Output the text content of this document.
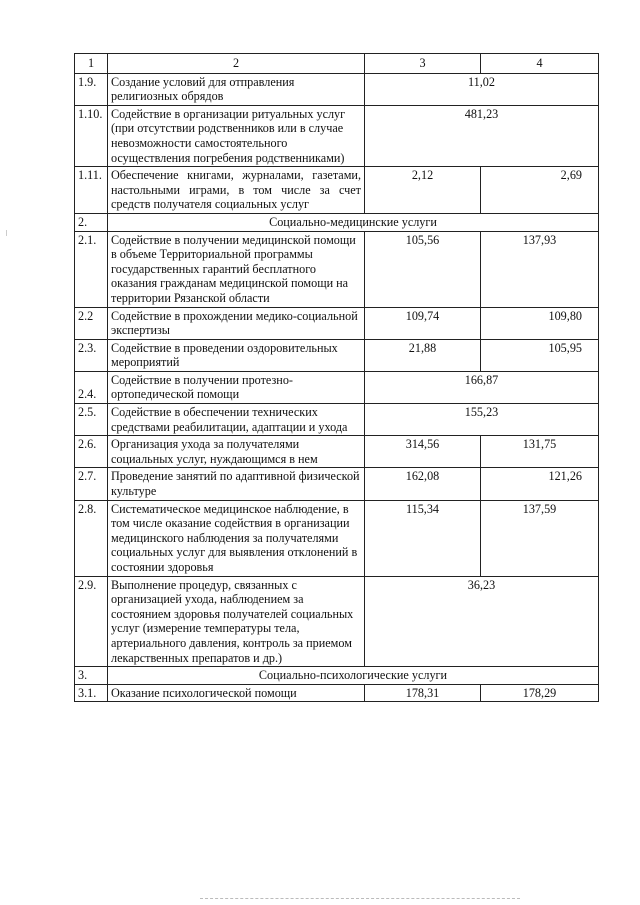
1	2	3	4
1.9.	Создание условий для отправления религиозных обрядов	11,02	
1.10.	Содействие в организации ритуальных услуг (при отсутствии родственников или в случае невозможности самостоятельного осуществления погребения родственниками)	481,23	
1.11.	Обеспечение книгами, журналами, газетами, настольными играми, в том числе за счет средств получателя социальных услуг	2,12	2,69
2.	Социально-медицинские услуги		
2.1.	Содействие в получении медицинской помощи в объеме Территориальной программы государственных гарантий бесплатного оказания гражданам медицинской помощи на территории Рязанской области	105,56	137,93
2.2	Содействие в прохождении медико-социальной экспертизы	109,74	109,80
2.3.	Содействие в проведении оздоровительных мероприятий	21,88	105,95
2.4.	Содействие в получении протезно-ортопедической помощи	166,87	
2.5.	Содействие в обеспечении технических средствами реабилитации, адаптации и ухода	155,23	
2.6.	Организация ухода за получателями социальных услуг, нуждающимся в нем	314,56	131,75
2.7.	Проведение занятий по адаптивной физической культуре	162,08	121,26
2.8.	Систематическое медицинское наблюдение, в том числе оказание содействия в организации медицинского наблюдения за получателями социальных услуг для выявления отклонений в состоянии здоровья	115,34	137,59
2.9.	Выполнение процедур, связанных с организацией ухода, наблюдением за состоянием здоровья получателей социальных услуг (измерение температуры тела, артериального давления, контроль за приемом лекарственных препаратов и др.)	36,23	
3.	Социально-психологические услуги		
3.1.	Оказание психологической помощи	178,31	178,29
